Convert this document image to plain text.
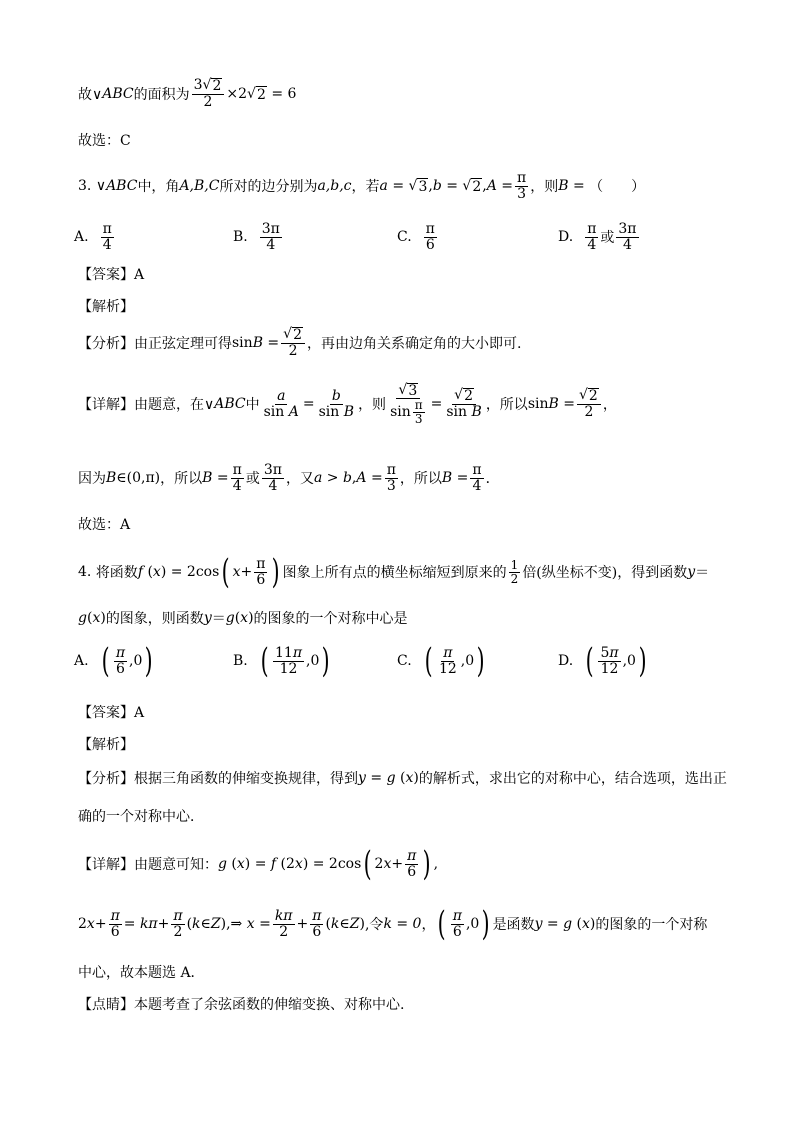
故∨ ABC 的面积为 $\frac{3√ 2}{2} \times 2√$ 2 = 6
故选：C
3.
∨ ABC 中，角 A,B,C 所对的边分别为 a,b,c ，若 a = √ 3 ,b = √ 2 $,A = \frac{\pi}{3}$ ，则 B = （　　）
A. $\frac{\pi}{4}$	B. $\frac{3\pi}{4}$	C. $\frac{\pi}{6}$	D. $\frac{\pi}{4}$ 或 $\frac{3\pi}{4}$
【答案】A
【解析】
【分析】 由正弦定理可得 $\sin B = \frac{√ 2}{2}$ ，再由边角关系确定角的大小即可.
【详解】 由题意，在∨ ABC 中 $\frac{a}{\text{sin A}} = \frac{b}{\text{sin B}}$ ，则 $\frac{√ 3}{\sin \frac{\pi}{3}} = \frac{√ 2}{\text{sin B}}$ ，所以 $\sin B = \frac{√ 2}{2}$ ，
因为 B∈(0,π) ，所以 $B = \frac{\pi}{4}$ 或 $\frac{3\pi}{4}$ ，又 $a > b,A = \frac{\pi}{3}$ ，所以 $B = \frac{\pi}{4}$ ．
故选：A
4.
将函数 f (x) = 2cos ( $x + \frac{\pi}{6}$ ) 图象上所有点的横坐标缩短到原来的 $\frac{1}{2}$ 倍(纵坐标不变)，得到函数 y ＝
g(x) 的图象，则函数 y ＝ g(x) 的图象的一个对称中心是
A. ( $\frac{\pi}{6} ,0$ )	B. ( $\frac{11\pi}{12} ,0$ )	C. ( $\frac{\pi}{12} ,0$ )	D. ( $\frac{5\pi}{12} ,0$ )
【答案】A
【解析】
【分析】 根据三角函数的伸缩变换规律，得到 y = g (x) 的解析式，求出它的对称中心，结合选项，选出正
确的一个对称中心．
【详解】 由题意可知： g (x) = f (2x) = 2cos ( 2 $x + \frac{\pi}{6}$ ) ,
$2x+ \frac{\pi}{6} = k\pi+ \frac{\pi}{2}$ (k∈Z),⇒ $x = \frac{k\pi}{2} + \frac{\pi}{6}$ (k∈Z) ,令 k = 0 ， ( $\frac{\pi}{6} ,0$ ) 是函数 y = g (x) 的图象的一个对称
中心，故本题选 A．
【点睛】 本题考查了余弦函数的伸缩变换、对称中心.
